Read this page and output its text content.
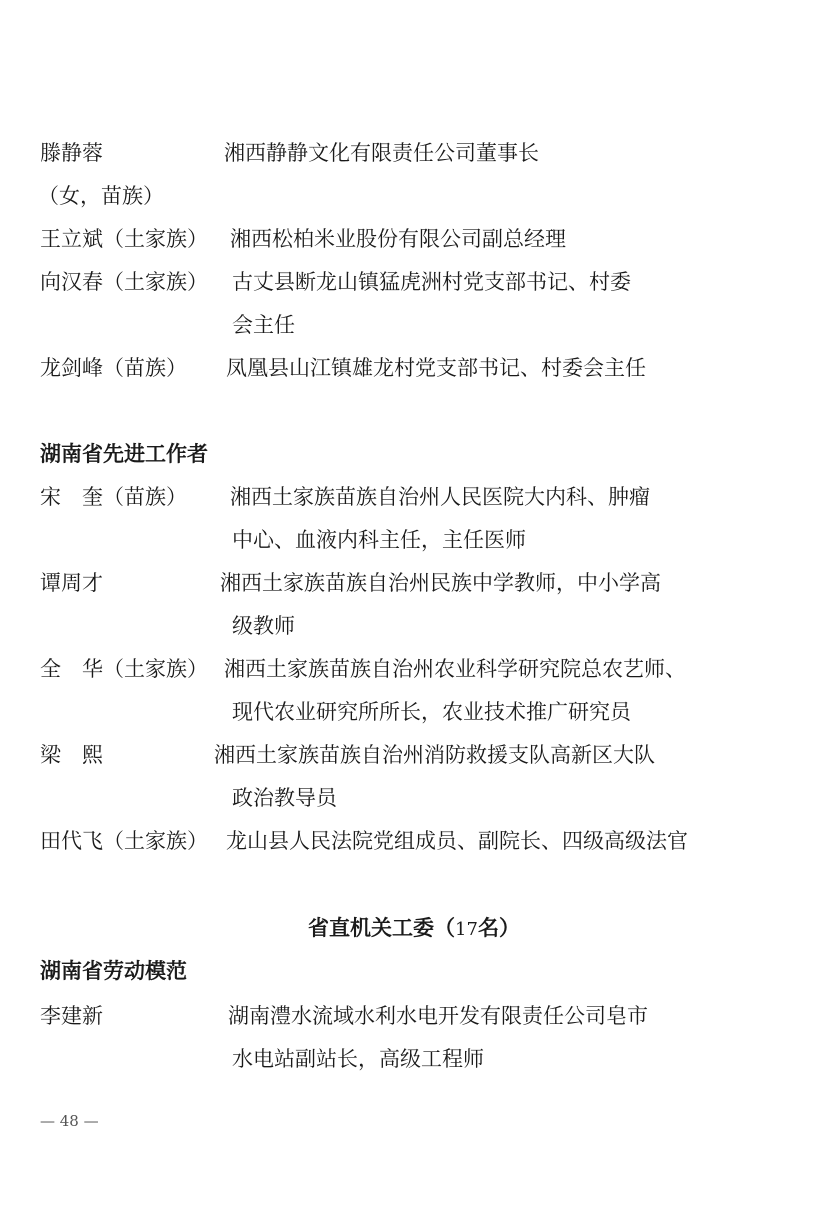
滕静蓉	湘西静静文化有限责任公司董事长
（女，苗族）
王立斌（土家族） 湘西松柏米业股份有限公司副总经理
向汉春（土家族） 古丈县断龙山镇猛虎洲村党支部书记、村委
会主任
龙剑峰（苗族） 凤凰县山江镇雄龙村党支部书记、村委会主任
湖南省先进工作者
宋　奎（苗族） 湘西土家族苗族自治州人民医院大内科、肿瘤
中心、血液内科主任，主任医师
谭周才	湘西土家族苗族自治州民族中学教师，中小学高
级教师
全　华（土家族） 湘西土家族苗族自治州农业科学研究院总农艺师、
现代农业研究所所长，农业技术推广研究员
梁　熙	湘西土家族苗族自治州消防救援支队高新区大队
政治教导员
田代飞（土家族） 龙山县人民法院党组成员、副院长、四级高级法官
省直机关工委（17名）
湖南省劳动模范
李建新	湖南澧水流域水利水电开发有限责任公司皂市
水电站副站长，高级工程师
— 48 —
